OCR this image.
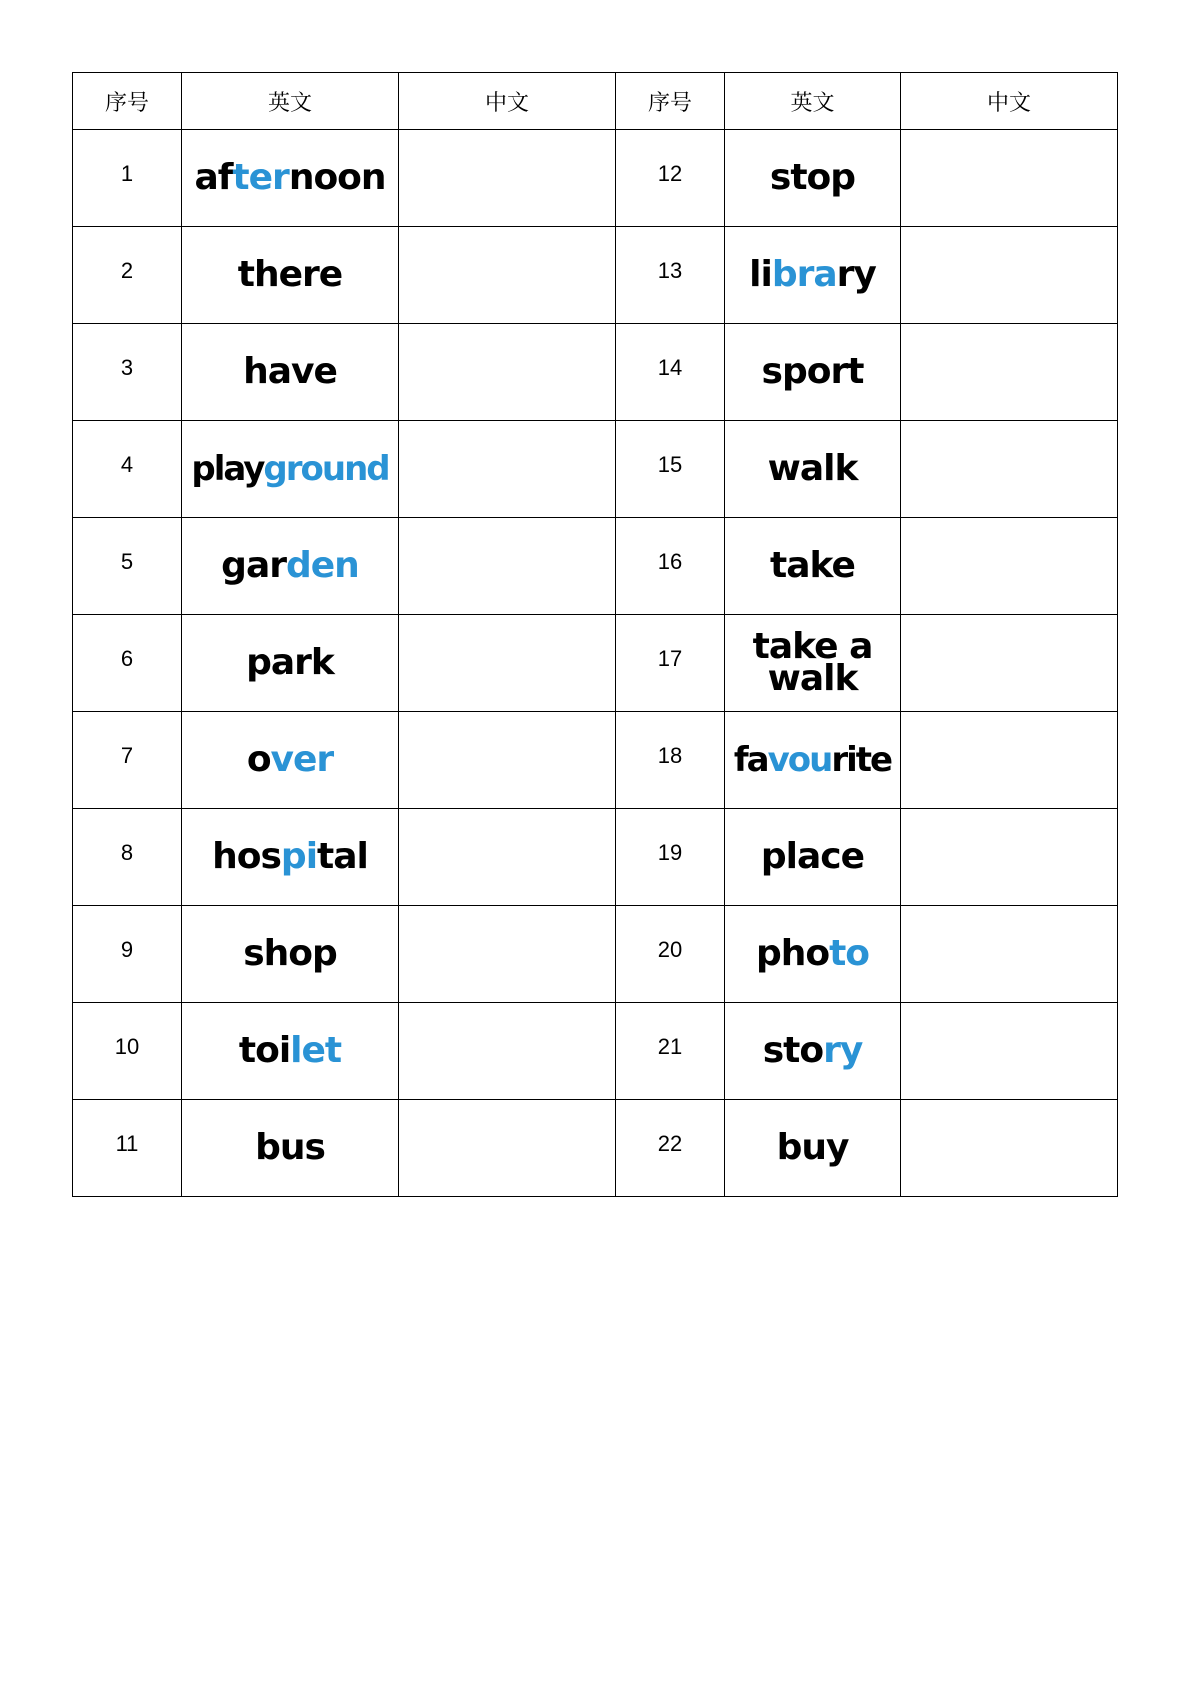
序号	英文	中文	序号	英文	中文
1	afternoon		12	stop	

2	there		13	library	

3	have		14	sport	

4	playground		15	walk	

5	garden		16	take	

6	park		17	take a walk	

7	over		18	favourite	

8	hospital		19	place	

9	shop		20	photo	

10	toilet		21	story	

11	bus		22	buy	
